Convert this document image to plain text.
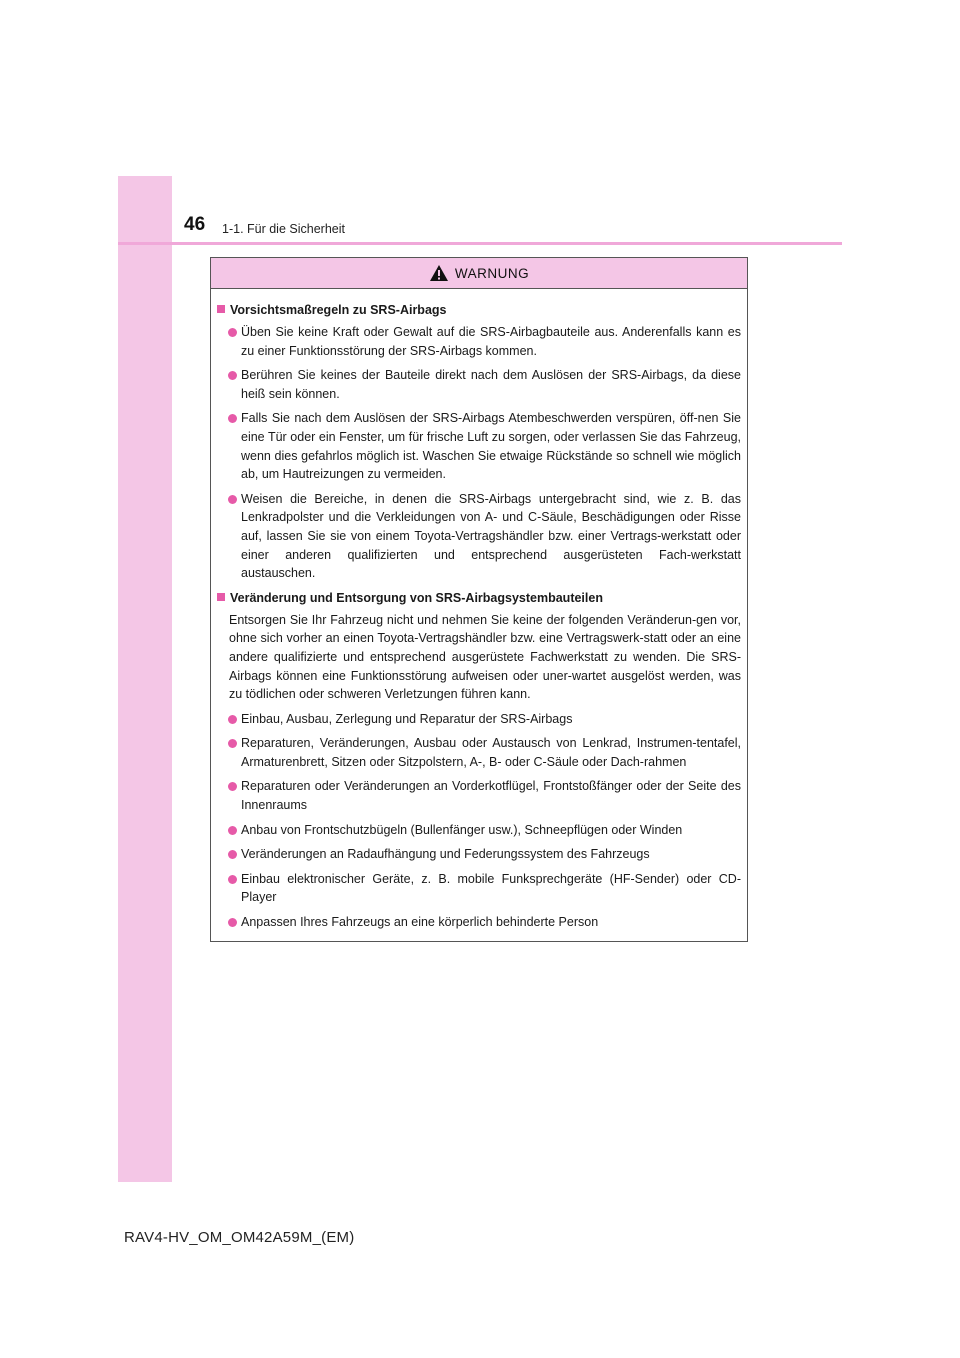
46 1-1. Für die Sicherheit
WARNUNG
Vorsichtsmaßregeln zu SRS-Airbags
Üben Sie keine Kraft oder Gewalt auf die SRS-Airbagbauteile aus. Anderenfalls kann es zu einer Funktionsstörung der SRS-Airbags kommen.
Berühren Sie keines der Bauteile direkt nach dem Auslösen der SRS-Airbags, da diese heiß sein können.
Falls Sie nach dem Auslösen der SRS-Airbags Atembeschwerden verspüren, öff-nen Sie eine Tür oder ein Fenster, um für frische Luft zu sorgen, oder verlassen Sie das Fahrzeug, wenn dies gefahrlos möglich ist. Waschen Sie etwaige Rückstände so schnell wie möglich ab, um Hautreizungen zu vermeiden.
Weisen die Bereiche, in denen die SRS-Airbags untergebracht sind, wie z. B. das Lenkradpolster und die Verkleidungen von A- und C-Säule, Beschädigungen oder Risse auf, lassen Sie sie von einem Toyota-Vertragshändler bzw. einer Vertrags-werkstatt oder einer anderen qualifizierten und entsprechend ausgerüsteten Fach-werkstatt austauschen.
Veränderung und Entsorgung von SRS-Airbagsystembauteilen
Entsorgen Sie Ihr Fahrzeug nicht und nehmen Sie keine der folgenden Veränderun-gen vor, ohne sich vorher an einen Toyota-Vertragshändler bzw. eine Vertragswerk-statt oder an eine andere qualifizierte und entsprechend ausgerüstete Fachwerkstatt zu wenden. Die SRS-Airbags können eine Funktionsstörung aufweisen oder uner-wartet ausgelöst werden, was zu tödlichen oder schweren Verletzungen führen kann.
Einbau, Ausbau, Zerlegung und Reparatur der SRS-Airbags
Reparaturen, Veränderungen, Ausbau oder Austausch von Lenkrad, Instrumen-tentafel, Armaturenbrett, Sitzen oder Sitzpolstern, A-, B- oder C-Säule oder Dach-rahmen
Reparaturen oder Veränderungen an Vorderkotflügel, Frontstoßfänger oder der Seite des Innenraums
Anbau von Frontschutzbügeln (Bullenfänger usw.), Schneepflügen oder Winden
Veränderungen an Radaufhängung und Federungssystem des Fahrzeugs
Einbau elektronischer Geräte, z. B. mobile Funksprechgeräte (HF-Sender) oder CD-Player
Anpassen Ihres Fahrzeugs an eine körperlich behinderte Person
RAV4-HV_OM_OM42A59M_(EM)
